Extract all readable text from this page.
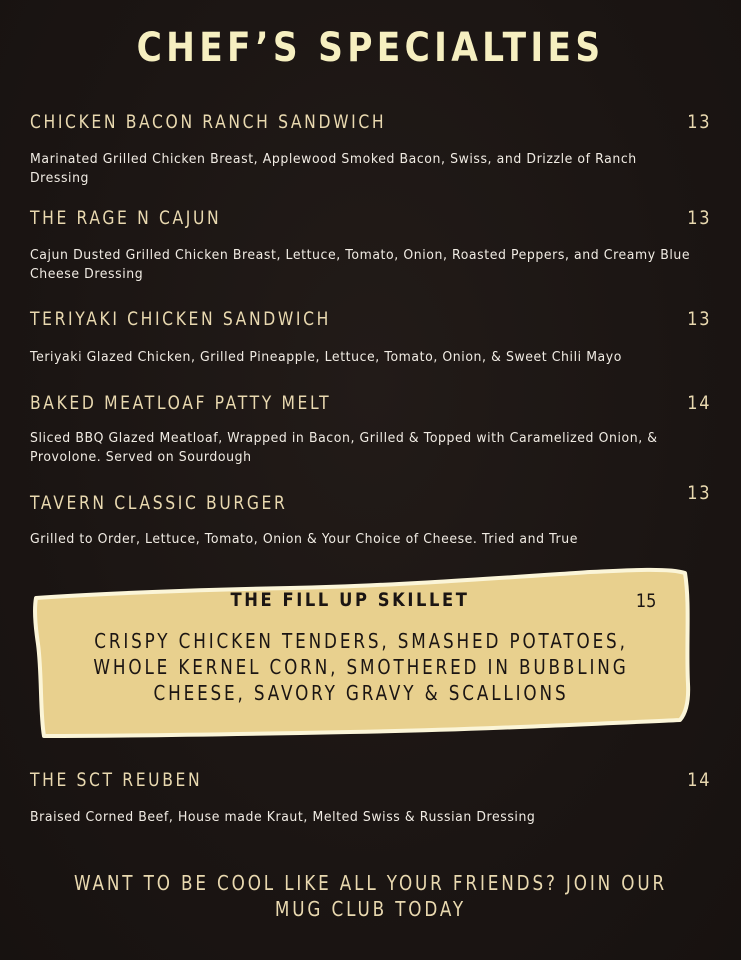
CHEF’S SPECIALTIES
CHICKEN BACON RANCH SANDWICH	13
Marinated Grilled Chicken Breast, Applewood Smoked Bacon, Swiss, and Drizzle of Ranch Dressing
THE RAGE N CAJUN	13
Cajun Dusted Grilled Chicken Breast, Lettuce, Tomato, Onion, Roasted Peppers, and Creamy Blue Cheese Dressing
TERIYAKI CHICKEN SANDWICH	13
Teriyaki Glazed Chicken, Grilled Pineapple, Lettuce, Tomato, Onion, & Sweet Chili Mayo
BAKED MEATLOAF PATTY MELT	14
Sliced BBQ Glazed Meatloaf, Wrapped in Bacon, Grilled & Topped with Caramelized Onion, & Provolone. Served on Sourdough
TAVERN CLASSIC BURGER	13
Grilled to Order, Lettuce, Tomato, Onion & Your Choice of Cheese. Tried and True
THE FILL UP SKILLET	15
CRISPY CHICKEN TENDERS, SMASHED POTATOES, WHOLE KERNEL CORN, SMOTHERED IN BUBBLING CHEESE, SAVORY GRAVY & SCALLIONS
THE SCT REUBEN	14
Braised Corned Beef, House made Kraut, Melted Swiss & Russian Dressing
WANT TO BE COOL LIKE ALL YOUR FRIENDS? JOIN OUR MUG CLUB TODAY
